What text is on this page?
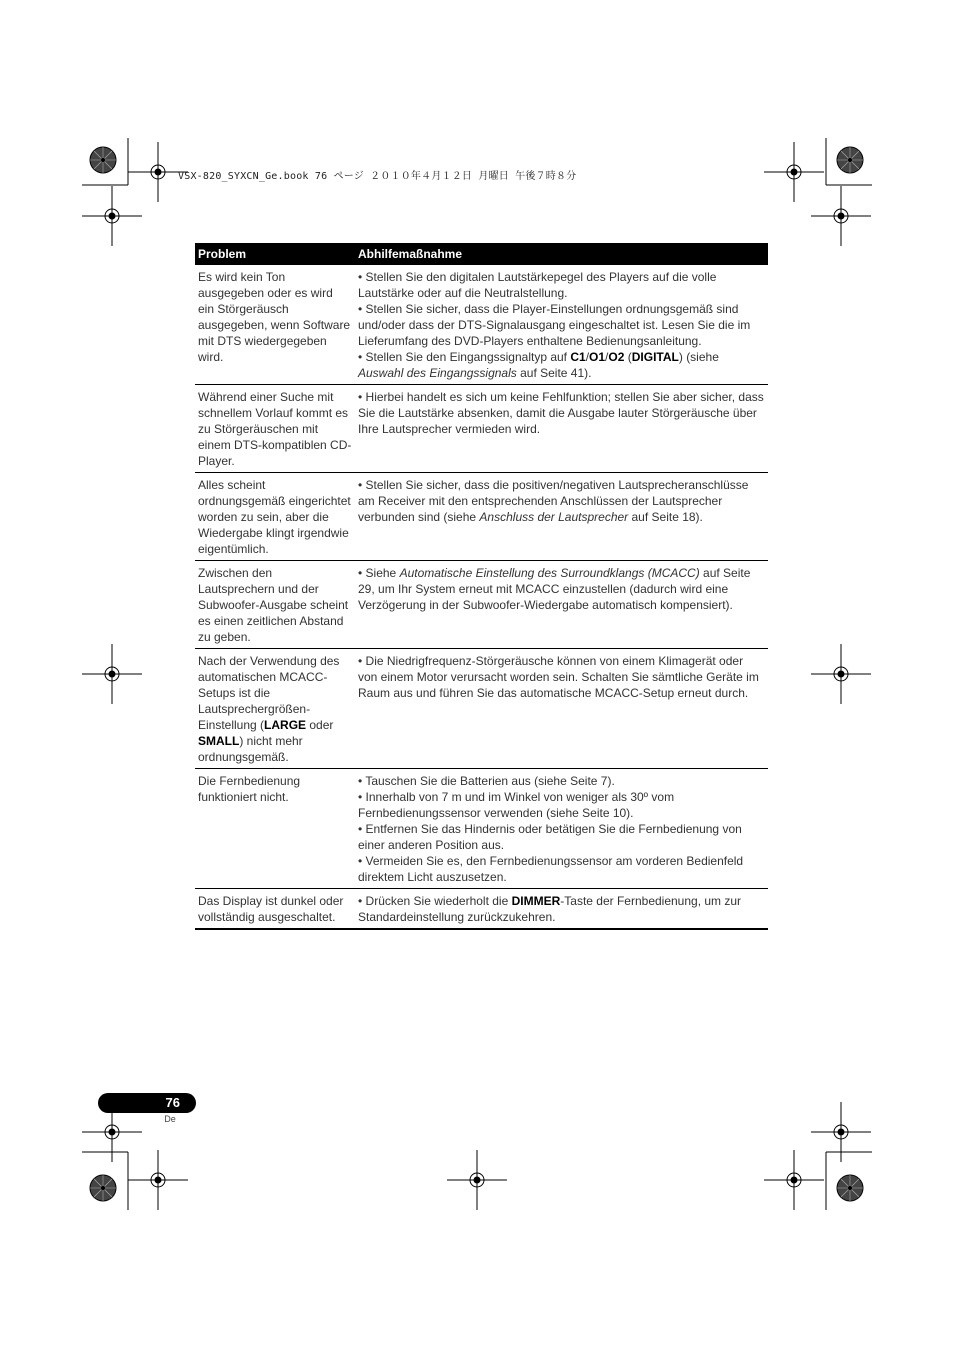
VSX-820_SYXCN_Ge.book 76 ページ ２０１０年４月１２日 月曜日 午後７時８分
Problem	Abhilfemaßnahme
Es wird kein Ton ausgegeben oder es wird ein Störgeräusch ausgegeben, wenn Software mit DTS wiedergegeben wird.	• Stellen Sie den digitalen Lautstärkepegel des Players auf die volle Lautstärke oder auf die Neutralstellung.
• Stellen Sie sicher, dass die Player-Einstellungen ordnungsgemäß sind und/oder dass der DTS-Signalausgang eingeschaltet ist. Lesen Sie die im Lieferumfang des DVD-Players enthaltene Bedienungsanleitung.
• Stellen Sie den Eingangssignaltyp auf C1/O1/O2 (DIGITAL) (siehe Auswahl des Eingangssignals auf Seite 41).

Während einer Suche mit schnellem Vorlauf kommt es zu Störgeräuschen mit einem DTS-kompatiblen CD-Player.	• Hierbei handelt es sich um keine Fehlfunktion; stellen Sie aber sicher, dass Sie die Lautstärke absenken, damit die Ausgabe lauter Störgeräusche über Ihre Lautsprecher vermieden wird.

Alles scheint ordnungsgemäß eingerichtet worden zu sein, aber die Wiedergabe klingt irgendwie eigentümlich.	• Stellen Sie sicher, dass die positiven/negativen Lautsprecheranschlüsse am Receiver mit den entsprechenden Anschlüssen der Lautsprecher verbunden sind (siehe Anschluss der Lautsprecher auf Seite 18).

Zwischen den Lautsprechern und der Subwoofer-Ausgabe scheint es einen zeitlichen Abstand zu geben.	• Siehe Automatische Einstellung des Surroundklangs (MCACC) auf Seite 29, um Ihr System erneut mit MCACC einzustellen (dadurch wird eine Verzögerung in der Subwoofer-Wiedergabe automatisch kompensiert).

Nach der Verwendung des automatischen MCACC-Setups ist die Lautsprechergrößen-Einstellung (LARGE oder SMALL) nicht mehr ordnungsgemäß.	• Die Niedrigfrequenz-Störgeräusche können von einem Klimagerät oder von einem Motor verursacht worden sein. Schalten Sie sämtliche Geräte im Raum aus und führen Sie das automatische MCACC-Setup erneut durch.

Die Fernbedienung funktioniert nicht.	• Tauschen Sie die Batterien aus (siehe Seite 7).
• Innerhalb von 7 m und im Winkel von weniger als 30º vom Fernbedienungssensor verwenden (siehe Seite 10).
• Entfernen Sie das Hindernis oder betätigen Sie die Fernbedienung von einer anderen Position aus.
• Vermeiden Sie es, den Fernbedienungssensor am vorderen Bedienfeld direktem Licht auszusetzen.

Das Display ist dunkel oder vollständig ausgeschaltet.	• Drücken Sie wiederholt die DIMMER-Taste der Fernbedienung, um zur Standardeinstellung zurückzukehren.
76
De
